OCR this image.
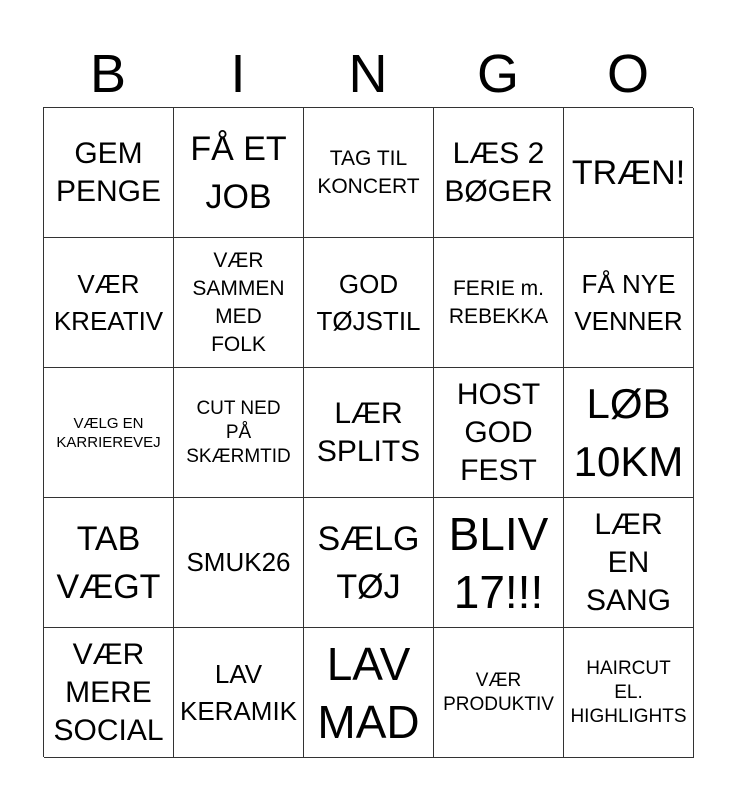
B	I	N	G	O
GEM
PENGE
FÅ ET
JOB
TAG TIL
KONCERT
LÆS 2
BØGER TRÆN!
VÆR
KREATIV
VÆR
SAMMEN
MED
FOLK
GOD
TØJSTIL
FERIE m.
REBEKKA
FÅ NYE
VENNER
VÆLG EN
KARRIEREVEJ
CUT NED
PÅ
SKÆRMTID
LÆR
SPLITS
HOST
GOD
FEST
LØB
10KM
TAB
VÆGT
SMUK26
SÆLG
TØJ
BLIV
17!!!
LÆR
EN
SANG
VÆR
MERE
SOCIAL
LAV
KERAMIK
LAV
MAD
VÆR
PRODUKTIV
HAIRCUT
EL.
HIGHLIGHTS
